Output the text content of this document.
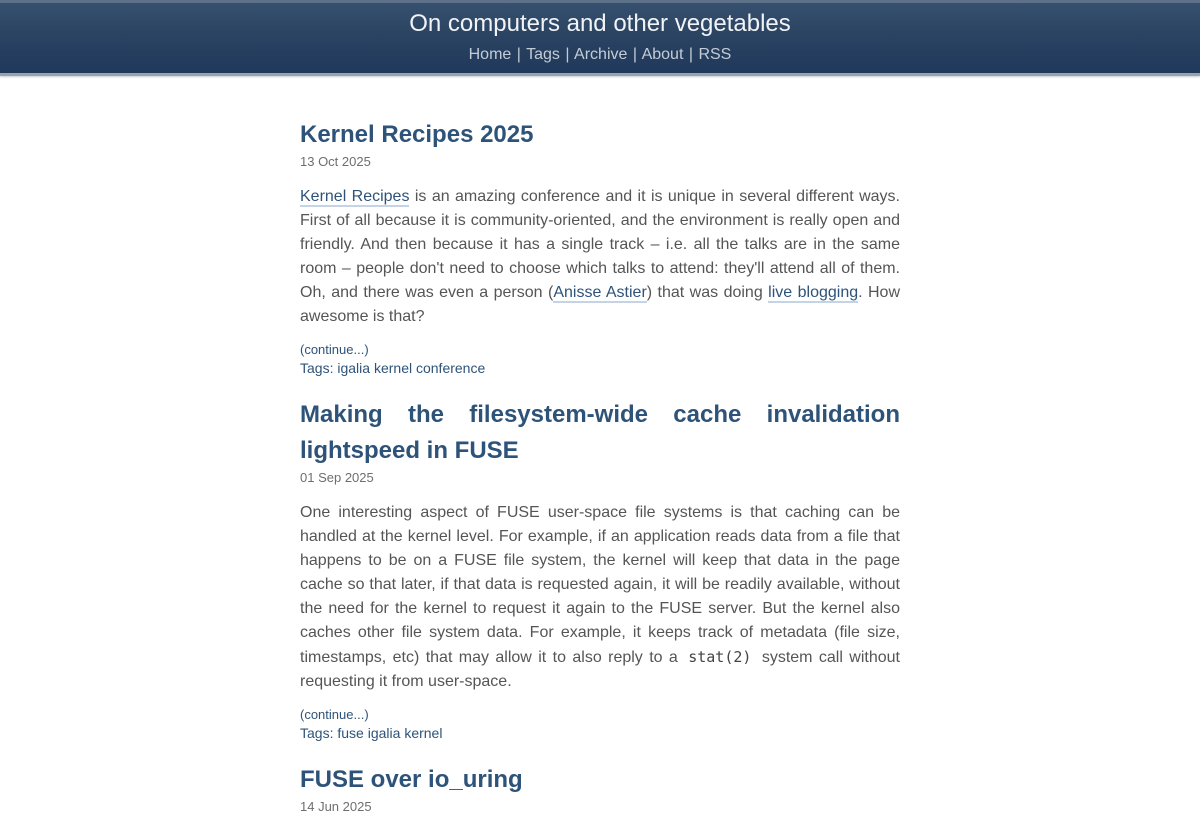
On computers and other vegetables
Home | Tags | Archive | About | RSS
Kernel Recipes 2025
13 Oct 2025

Kernel Recipes is an amazing conference and it is unique in several different ways. First of all because it is community-oriented, and the environment is really open and friendly. And then because it has a single track – i.e. all the talks are in the same room – people don't need to choose which talks to attend: they'll attend all of them. Oh, and there was even a person (Anisse Astier) that was doing live blogging. How awesome is that?

(continue...)
Tags: igalia kernel conference
Making the filesystem-wide cache invalidation lightspeed in FUSE
01 Sep 2025

One interesting aspect of FUSE user-space file systems is that caching can be handled at the kernel level. For example, if an application reads data from a file that happens to be on a FUSE file system, the kernel will keep that data in the page cache so that later, if that data is requested again, it will be readily available, without the need for the kernel to request it again to the FUSE server. But the kernel also caches other file system data. For example, it keeps track of metadata (file size, timestamps, etc) that may allow it to also reply to a stat(2) system call without requesting it from user-space.

(continue...)
Tags: fuse igalia kernel
FUSE over io_uring
14 Jun 2025
